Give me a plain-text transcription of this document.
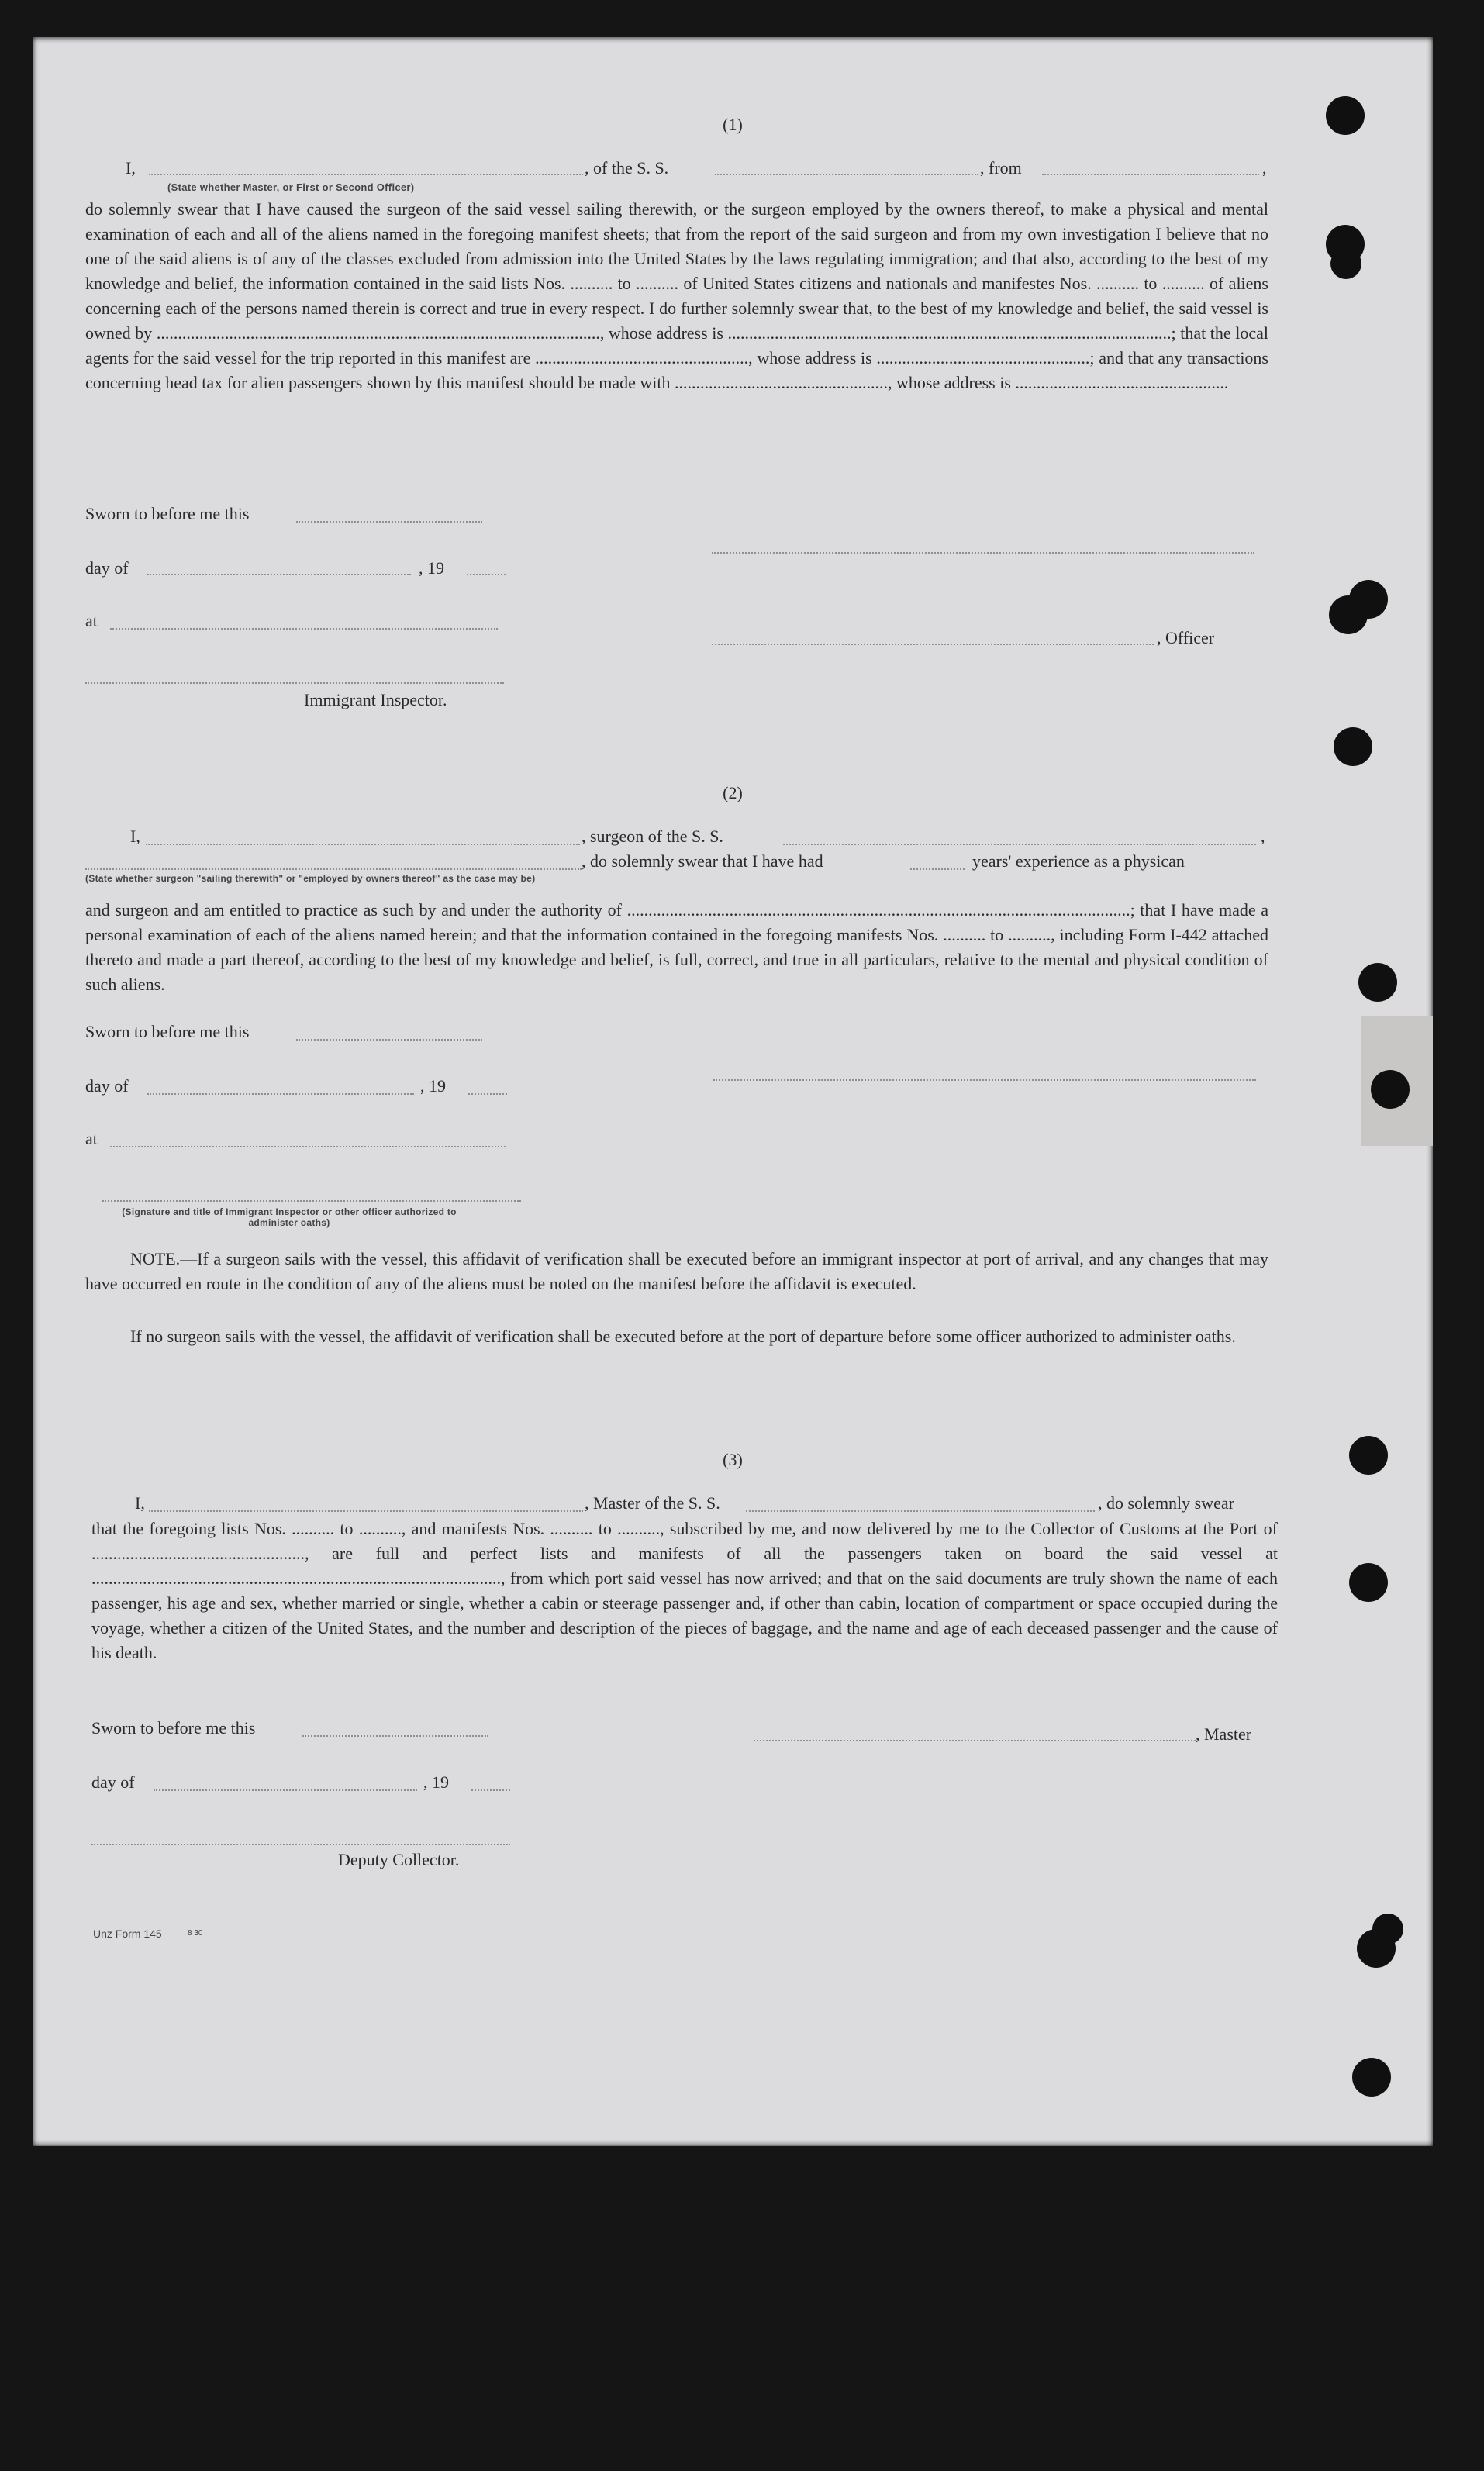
(1)
I,	, of the S. S.	, from	,
(State whether Master, or First or Second Officer)
do solemnly swear that I have caused the surgeon of the said vessel sailing therewith, or the surgeon employed by the owners thereof, to make a physical and mental examination of each and all of the aliens named in the foregoing manifest sheets; that from the report of the said surgeon and from my own investigation I believe that no one of the said aliens is of any of the classes excluded from admission into the United States by the laws regulating immigration; and that also, according to the best of my knowledge and belief, the information contained in the said lists Nos. .......... to .......... of United States citizens and nationals and manifestes Nos. .......... to .......... of aliens concerning each of the persons named therein is correct and true in every respect. I do further solemnly swear that, to the best of my knowledge and belief, the said vessel is owned by ........................................................................................................, whose address is ........................................................................................................; that the local agents for the said vessel for the trip reported in this manifest are .................................................., whose address is ..................................................; and that any transactions concerning head tax for alien passengers shown by this manifest should be made with .................................................., whose address is ..................................................
Sworn to before me this
day of	, 19
at
, Officer
Immigrant Inspector.
(2)
I,	, surgeon of the S. S.	,
, do solemnly swear that I have had	years' experience as a physican
(State whether surgeon "sailing therewith" or "employed by owners thereof" as the case may be)
and surgeon and am entitled to practice as such by and under the authority of ......................................................................................................................; that I have made a personal examination of each of the aliens named herein; and that the information contained in the foregoing manifests Nos. .......... to .........., including Form I-442 attached thereto and made a part thereof, according to the best of my knowledge and belief, is full, correct, and true in all particulars, relative to the mental and physical condition of such aliens.
Sworn to before me this
day of	, 19
at
(Signature and title of Immigrant Inspector or other officer authorized to administer oaths)
NOTE.—If a surgeon sails with the vessel, this affidavit of verification shall be executed before an immigrant inspector at port of arrival, and any changes that may have occurred en route in the condition of any of the aliens must be noted on the manifest before the affidavit is executed.
If no surgeon sails with the vessel, the affidavit of verification shall be executed before at the port of departure before some officer authorized to administer oaths.
(3)
I,	, Master of the S. S.	, do solemnly swear
that the foregoing lists Nos. .......... to .........., and manifests Nos. .......... to .........., subscribed by me, and now delivered by me to the Collector of Customs at the Port of .................................................., are full and perfect lists and manifests of all the passengers taken on board the said vessel at ................................................................................................, from which port said vessel has now arrived; and that on the said documents are truly shown the name of each passenger, his age and sex, whether married or single, whether a cabin or steerage passenger and, if other than cabin, location of compartment or space occupied during the voyage, whether a citizen of the United States, and the number and description of the pieces of baggage, and the name and age of each deceased passenger and the cause of his death.
Sworn to before me this	, Master
day of	, 19
Deputy Collector.
Unz Form 145	8 30
